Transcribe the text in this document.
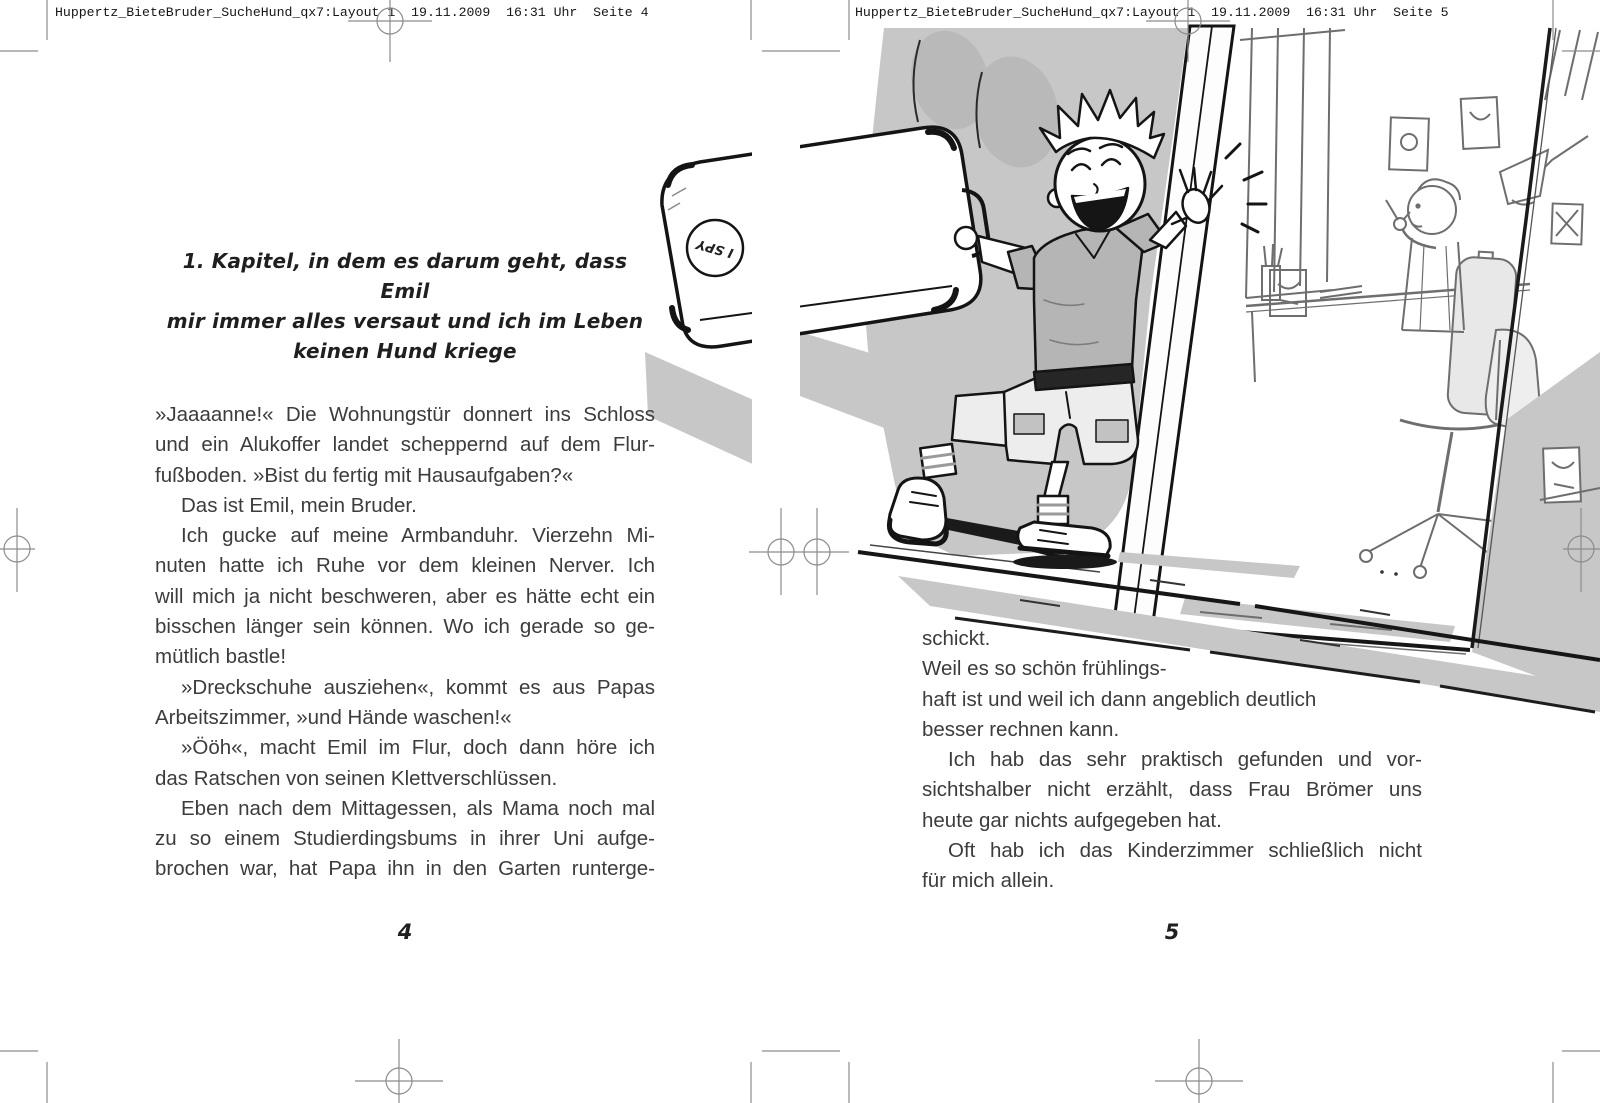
I SPY
Huppertz_BieteBruder_SucheHund_qx7:Layout 1  19.11.2009  16:31 Uhr  Seite 4	Huppertz_BieteBruder_SucheHund_qx7:Layout 1  19.11.2009  16:31 Uhr  Seite 5
1. Kapitel, in dem es darum geht, dass Emil
mir immer alles versaut und ich im Leben
keinen Hund kriege
»Jaaaanne!« Die Wohnungstür donnert ins Schloss
und ein Alukoffer landet scheppernd auf dem Flur-
fußboden. »Bist du fertig mit Hausaufgaben?«
Das ist Emil, mein Bruder.
Ich gucke auf meine Armbanduhr. Vierzehn Mi-
nuten hatte ich Ruhe vor dem kleinen Nerver. Ich
will mich ja nicht beschweren, aber es hätte echt ein
bisschen länger sein können. Wo ich gerade so ge-
mütlich bastle!
»Dreckschuhe ausziehen«, kommt es aus Papas
Arbeitszimmer, »und Hände waschen!«
»Ööh«, macht Emil im Flur, doch dann höre ich
das Ratschen von seinen Klettverschlüssen.
Eben nach dem Mittagessen, als Mama noch mal
zu so einem Studierdingsbums in ihrer Uni aufge-
brochen war, hat Papa ihn in den Garten runterge-
schickt.
Weil es so schön frühlings-
haft ist und weil ich dann angeblich deutlich
besser rechnen kann.
Ich hab das sehr praktisch gefunden und vor-
sichtshalber nicht erzählt, dass Frau Brömer uns
heute gar nichts aufgegeben hat.
Oft hab ich das Kinderzimmer schließlich nicht
für mich allein.
4	5
